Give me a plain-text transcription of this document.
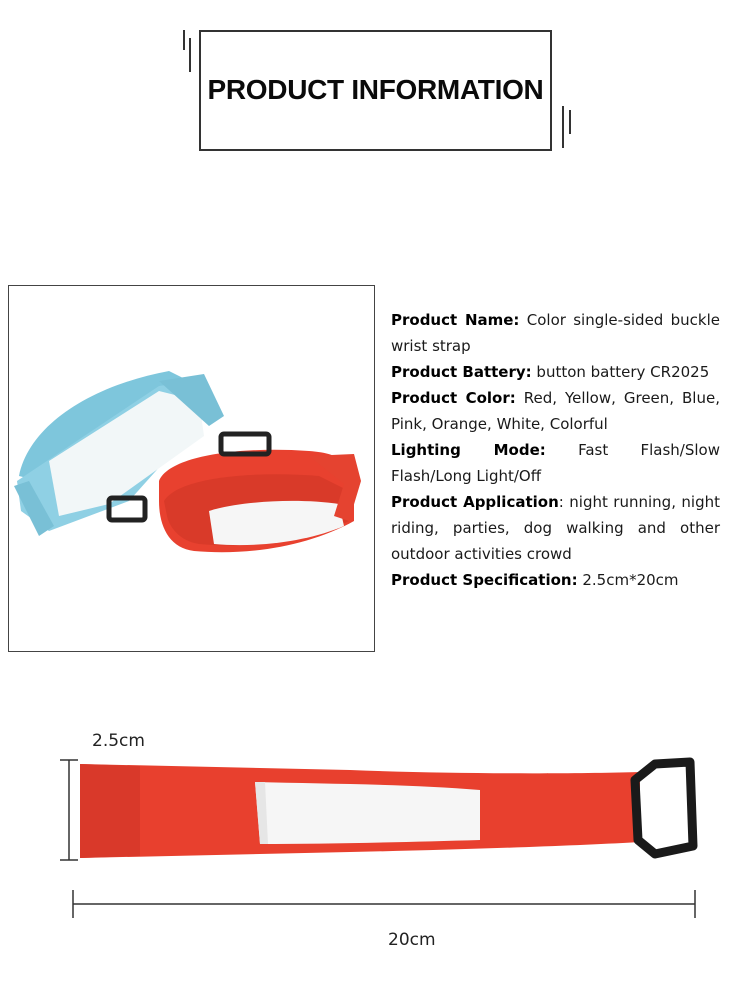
PRODUCT INFORMATION

Product Name: Color single-sided buckle wrist strap

Product Battery: button battery CR2025

Product Color: Red, Yellow, Green, Blue, Pink, Orange, White, Colorful

Lighting Mode: Fast Flash/Slow Flash/Long Light/Off

Product Application: night running, night riding, parties, dog walking and other outdoor activities crowd

Product Specification: 2.5cm*20cm

2.5cm
20cm
